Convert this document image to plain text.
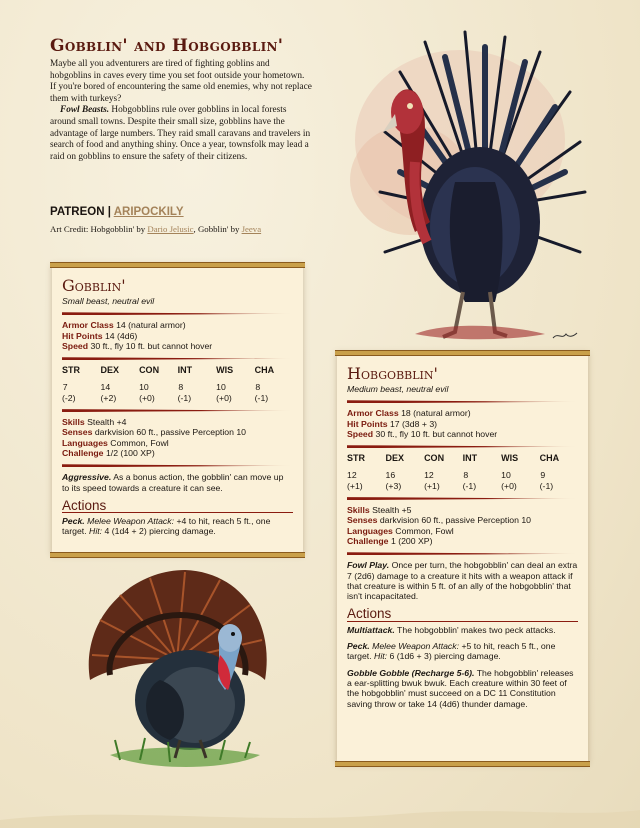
Gobblin' and Hobgobblin'

Maybe all you adventurers are tired of fighting goblins and hobgoblins in caves every time you set foot outside your hometown. If you're bored of encountering the same old enemies, why not replace them with turkeys?

Fowl Beasts. Hobgobblins rule over gobblins in local forests around small towns. Despite their small size, gobblins have the advantage of large numbers. They raid small caravans and travelers in search of food and anything shiny. Once a year, townsfolk may lead a raid on gobblins to ensure the safety of their citizens.

PATREON | ARIPOCKILY
Art Credit: Hobgobblin' by Dario Jelusic, Gobblin' by Jeeva
Gobblin'
Small beast, neutral evil
Armor Class 14 (natural armor)
Hit Points 14 (4d6)
Speed 30 ft., fly 10 ft. but cannot hover
STR
7 (-2)
DEX
14 (+2)
CON
10 (+0)
INT
8 (-1)
WIS
10 (+0)
CHA
8 (-1)
Skills Stealth +4
Senses darkvision 60 ft., passive Perception 10
Languages Common, Fowl
Challenge 1/2 (100 XP)
Aggressive. As a bonus action, the gobblin' can move up to its speed towards a creature it can see.
Actions
Peck. Melee Weapon Attack: +4 to hit, reach 5 ft., one target. Hit: 4 (1d4 + 2) piercing damage.
Hobgobblin'
Medium beast, neutral evil
Armor Class 18 (natural armor)
Hit Points 17 (3d8 + 3)
Speed 30 ft., fly 10 ft. but cannot hover
STR
12 (+1)
DEX
16 (+3)
CON
12 (+1)
INT
8 (-1)
WIS
10 (+0)
CHA
9 (-1)
Skills Stealth +5
Senses darkvision 60 ft., passive Perception 10
Languages Common, Fowl
Challenge 1 (200 XP)
Fowl Play. Once per turn, the hobgobblin' can deal an extra 7 (2d6) damage to a creature it hits with a weapon attack if that creature is within 5 ft. of an ally of the hobgobblin' that isn't incapacitated.
Actions
Multiattack. The hobgobblin' makes two peck attacks.
Peck. Melee Weapon Attack: +5 to hit, reach 5 ft., one target. Hit: 6 (1d6 + 3) piercing damage.
Gobble Gobble (Recharge 5-6). The hobgobblin' releases a ear-splitting bwuk bwuk. Each creature within 30 feet of the hobgobblin' must succeed on a DC 11 Constitution saving throw or take 14 (4d6) thunder damage.
